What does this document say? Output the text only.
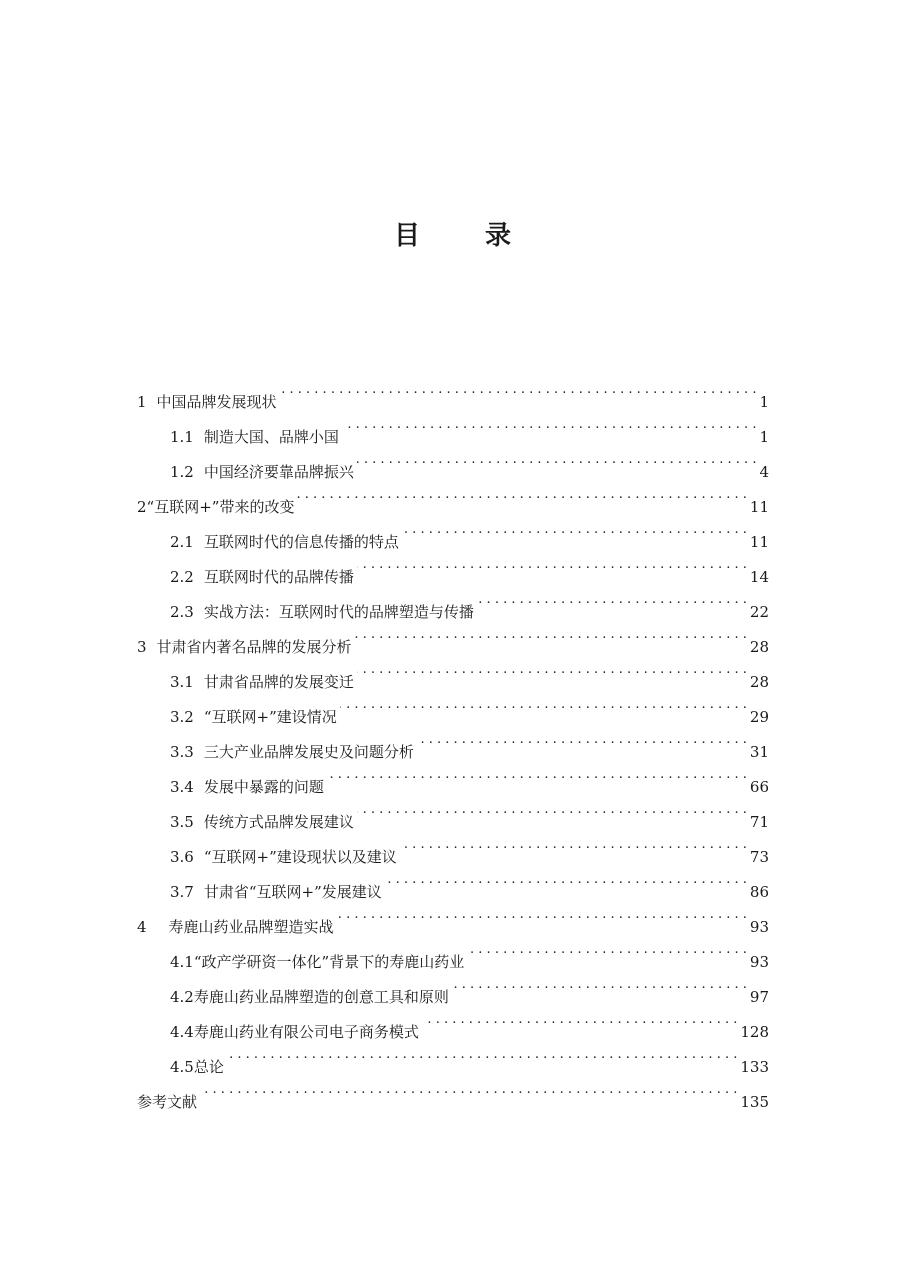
目 录
1 中国品牌发展现状 . . .	1
1.1 制造大国、品牌小国 . . .	1
1.2 中国经济要靠品牌振兴 . . .	4
2“互联网+”带来的改变 . . .	11
2.1 互联网时代的信息传播的特点 . . .	11
2.2 互联网时代的品牌传播 . . .	14
2.3 实战方法：互联网时代的品牌塑造与传播 . . .	22
3 甘肃省内著名品牌的发展分析 . . .	28
3.1 甘肃省品牌的发展变迁 . . .	28
3.2 “互联网+”建设情况 . . .	29
3.3 三大产业品牌发展史及问题分析 . . .	31
3.4 发展中暴露的问题 . . .	66
3.5 传统方式品牌发展建议 . . .	71
3.6 “互联网+”建设现状以及建议 . . .	73
3.7 甘肃省“互联网+”发展建议 . . .	86
4 寿鹿山药业品牌塑造实战 . . .	93
4.1“政产学研资一体化”背景下的寿鹿山药业 . . .	93
4.2寿鹿山药业品牌塑造的创意工具和原则 . . .	97
4.4寿鹿山药业有限公司电子商务模式 . . .	128
4.5总论 . . .	133
参考文献 . . .	135
